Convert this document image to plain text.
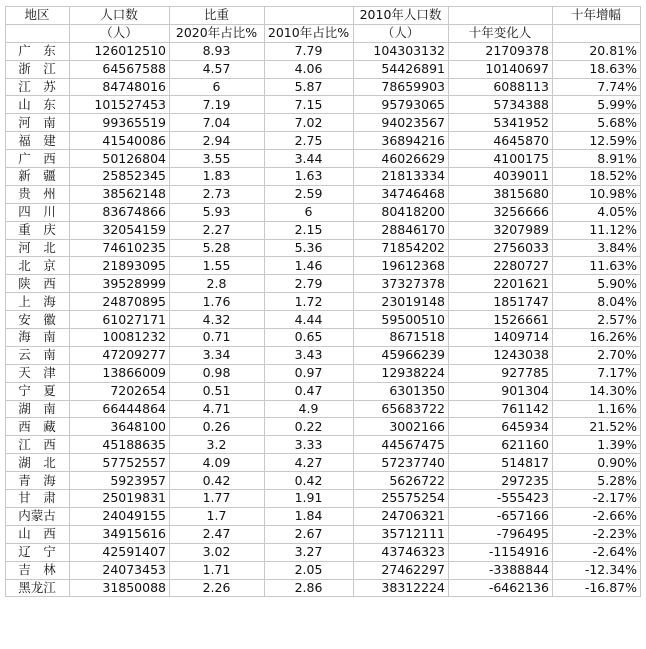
地区	人口数	比重		2010年人口数		十年增幅
	（人）	2020年占比%	2010年占比%	（人）	十年变化人	
广　东	126012510	8.93	7.79	104303132	21709378	20.81%
浙　江	64567588	4.57	4.06	54426891	10140697	18.63%
江　苏	84748016	6	5.87	78659903	6088113	7.74%
山　东	101527453	7.19	7.15	95793065	5734388	5.99%
河　南	99365519	7.04	7.02	94023567	5341952	5.68%
福　建	41540086	2.94	2.75	36894216	4645870	12.59%
广　西	50126804	3.55	3.44	46026629	4100175	8.91%
新　疆	25852345	1.83	1.63	21813334	4039011	18.52%
贵　州	38562148	2.73	2.59	34746468	3815680	10.98%
四　川	83674866	5.93	6	80418200	3256666	4.05%
重　庆	32054159	2.27	2.15	28846170	3207989	11.12%
河　北	74610235	5.28	5.36	71854202	2756033	3.84%
北　京	21893095	1.55	1.46	19612368	2280727	11.63%
陕　西	39528999	2.8	2.79	37327378	2201621	5.90%
上　海	24870895	1.76	1.72	23019148	1851747	8.04%
安　徽	61027171	4.32	4.44	59500510	1526661	2.57%
海　南	10081232	0.71	0.65	8671518	1409714	16.26%
云　南	47209277	3.34	3.43	45966239	1243038	2.70%
天　津	13866009	0.98	0.97	12938224	927785	7.17%
宁　夏	7202654	0.51	0.47	6301350	901304	14.30%
湖　南	66444864	4.71	4.9	65683722	761142	1.16%
西　藏	3648100	0.26	0.22	3002166	645934	21.52%
江　西	45188635	3.2	3.33	44567475	621160	1.39%
湖　北	57752557	4.09	4.27	57237740	514817	0.90%
青　海	5923957	0.42	0.42	5626722	297235	5.28%
甘　肃	25019831	1.77	1.91	25575254	-555423	-2.17%
内蒙古	24049155	1.7	1.84	24706321	-657166	-2.66%
山　西	34915616	2.47	2.67	35712111	-796495	-2.23%
辽　宁	42591407	3.02	3.27	43746323	-1154916	-2.64%
吉　林	24073453	1.71	2.05	27462297	-3388844	-12.34%
黑龙江	31850088	2.26	2.86	38312224	-6462136	-16.87%
